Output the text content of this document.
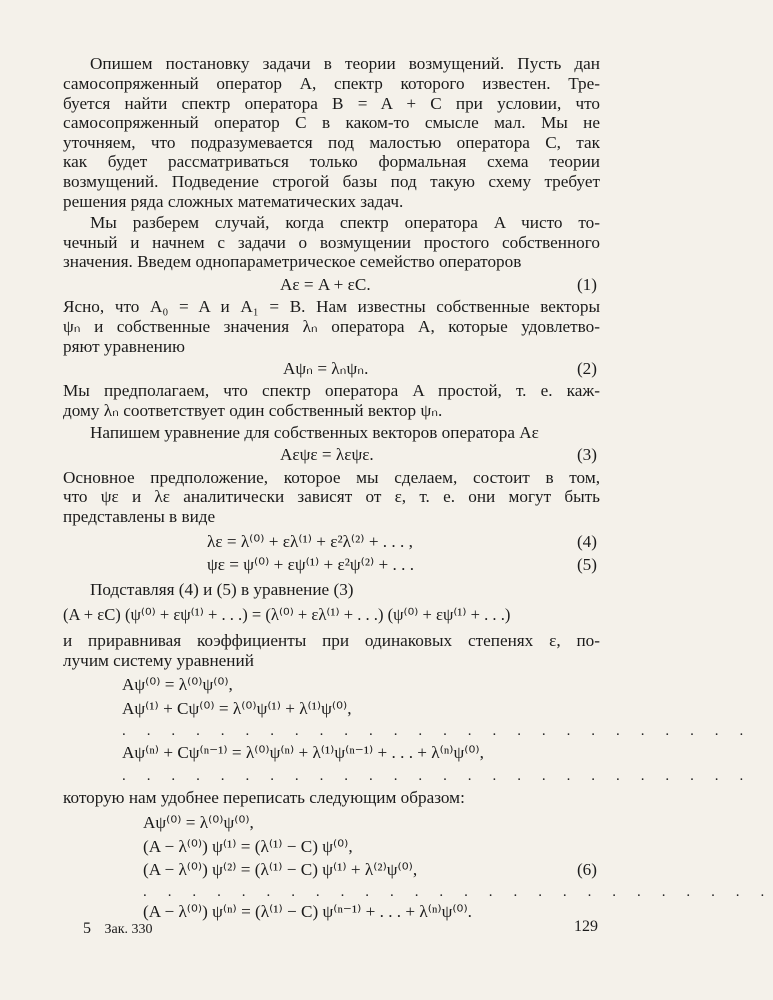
Опишем постановку задачи в теории возмущений. Пусть дан
самосопряженный оператор A, спектр которого известен. Тре-
буется найти спектр оператора B = A + C при условии, что
самосопряженный оператор C в каком-то смысле мал. Мы не
уточняем, что подразумевается под малостью оператора C, так
как будет рассматриваться только формальная схема теории
возмущений. Подведение строгой базы под такую схему требует
решения ряда сложных математических задач.
Мы разберем случай, когда спектр оператора A чисто то-
чечный и начнем с задачи о возмущении простого собственного
значения. Введем однопараметрическое семейство операторов
Aε = A + εC.	(1)
Ясно, что A₀ = A и A₁ = B. Нам известны собственные векторы
ψₙ и собственные значения λₙ оператора A, которые удовлетво-
ряют уравнению
Aψₙ = λₙψₙ.	(2)
Мы предполагаем, что спектр оператора A простой, т. е. каж-
дому λₙ соответствует один собственный вектор ψₙ.
Напишем уравнение для собственных векторов оператора Aε
Aεψε = λεψε.	(3)
Основное предположение, которое мы сделаем, состоит в том,
что ψε и λε аналитически зависят от ε, т. е. они могут быть
представлены в виде
λε = λ⁽⁰⁾ + ελ⁽¹⁾ + ε²λ⁽²⁾ + . . . ,	(4)
ψε = ψ⁽⁰⁾ + εψ⁽¹⁾ + ε²ψ⁽²⁾ + . . .	(5)
Подставляя (4) и (5) в уравнение (3)
(A + εC) (ψ⁽⁰⁾ + εψ⁽¹⁾ + . . .) = (λ⁽⁰⁾ + ελ⁽¹⁾ + . . .) (ψ⁽⁰⁾ + εψ⁽¹⁾ + . . .)
и приравнивая коэффициенты при одинаковых степенях ε, по-
лучим систему уравнений
Aψ⁽⁰⁾ = λ⁽⁰⁾ψ⁽⁰⁾,
Aψ⁽¹⁾ + Cψ⁽⁰⁾ = λ⁽⁰⁾ψ⁽¹⁾ + λ⁽¹⁾ψ⁽⁰⁾,
. . . . . . . . . . . . . . . . . . . . . . . . . .
Aψ⁽ⁿ⁾ + Cψ⁽ⁿ⁻¹⁾ = λ⁽⁰⁾ψ⁽ⁿ⁾ + λ⁽¹⁾ψ⁽ⁿ⁻¹⁾ + . . . + λ⁽ⁿ⁾ψ⁽⁰⁾,
. . . . . . . . . . . . . . . . . . . . . . . . . .
которую нам удобнее переписать следующим образом:
Aψ⁽⁰⁾ = λ⁽⁰⁾ψ⁽⁰⁾,
(A − λ⁽⁰⁾) ψ⁽¹⁾ = (λ⁽¹⁾ − C) ψ⁽⁰⁾,
(A − λ⁽⁰⁾) ψ⁽²⁾ = (λ⁽¹⁾ − C) ψ⁽¹⁾ + λ⁽²⁾ψ⁽⁰⁾,	(6)
. . . . . . . . . . . . . . . . . . . . . . . . . .
(A − λ⁽⁰⁾) ψ⁽ⁿ⁾ = (λ⁽¹⁾ − C) ψ⁽ⁿ⁻¹⁾ + . . . + λ⁽ⁿ⁾ψ⁽⁰⁾.
5 Зак. 330	129
